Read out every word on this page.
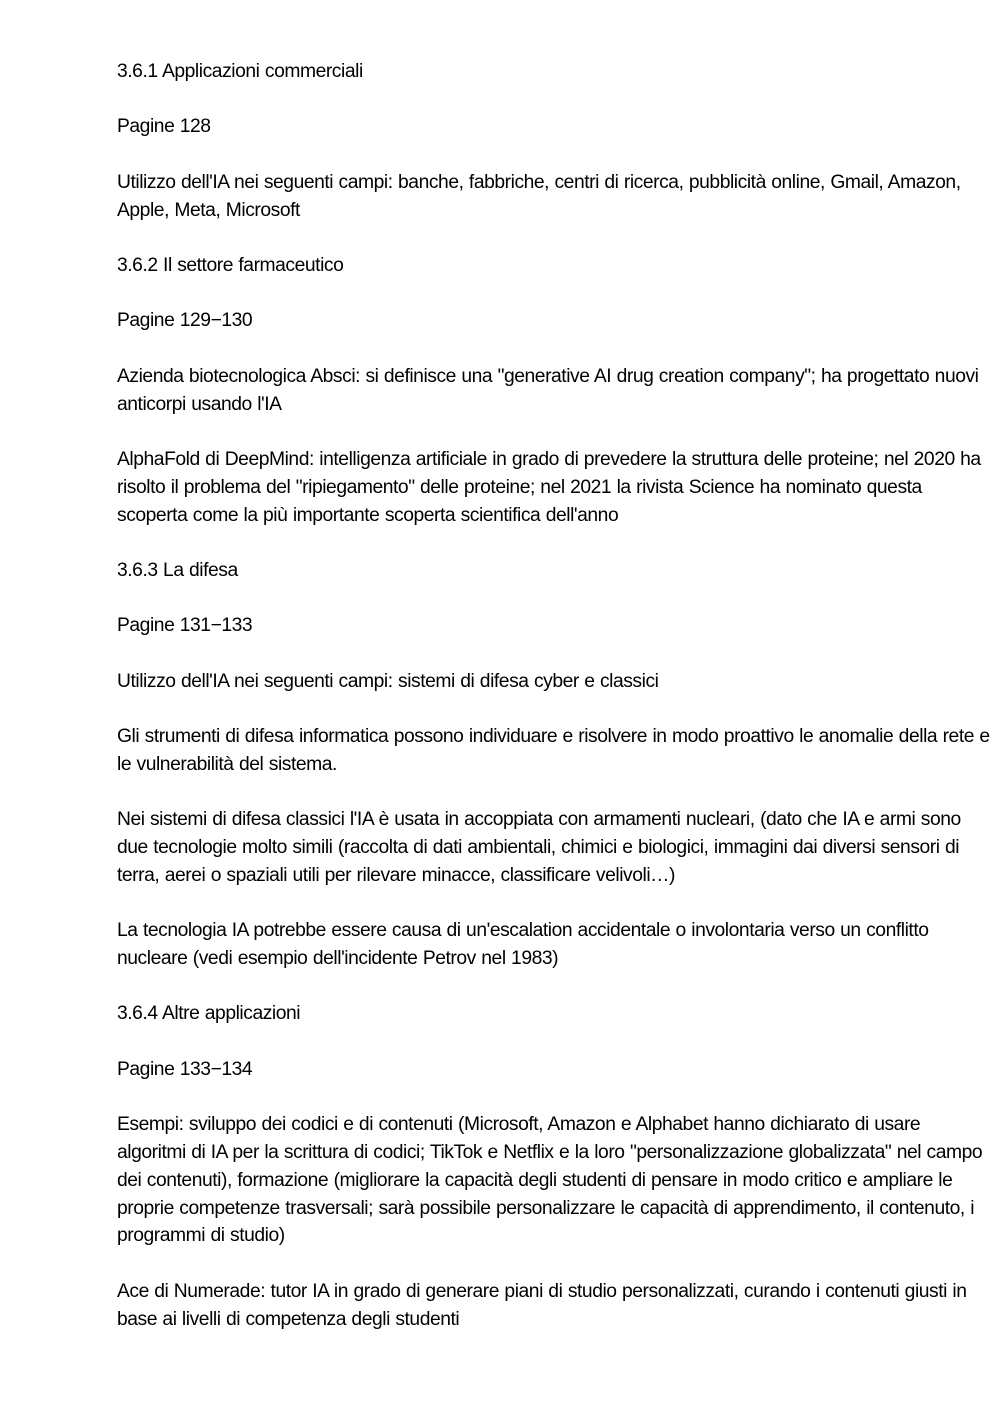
3.6.1 Applicazioni commerciali

Pagine 128

Utilizzo dell'IA nei seguenti campi: banche, fabbriche, centri di ricerca, pubblicità online, Gmail, Amazon, Apple, Meta, Microsoft

3.6.2 Il settore farmaceutico

Pagine 129−130

Azienda biotecnologica Absci: si definisce una "generative AI drug creation company"; ha progettato nuovi anticorpi usando l'IA

AlphaFold di DeepMind: intelligenza artificiale in grado di prevedere la struttura delle proteine; nel 2020 ha risolto il problema del "ripiegamento" delle proteine; nel 2021 la rivista Science ha nominato questa scoperta come la più importante scoperta scientifica dell'anno

3.6.3 La difesa

Pagine 131−133

Utilizzo dell'IA nei seguenti campi: sistemi di difesa cyber e classici

Gli strumenti di difesa informatica possono individuare e risolvere in modo proattivo le anomalie della rete e le vulnerabilità del sistema.

Nei sistemi di difesa classici l'IA è usata in accoppiata con armamenti nucleari, (dato che IA e armi sono due tecnologie molto simili (raccolta di dati ambientali, chimici e biologici, immagini dai diversi sensori di terra, aerei o spaziali utili per rilevare minacce, classificare velivoli…)

La tecnologia IA potrebbe essere causa di un'escalation accidentale o involontaria verso un conflitto nucleare (vedi esempio dell'incidente Petrov nel 1983)

3.6.4 Altre applicazioni

Pagine 133−134

Esempi: sviluppo dei codici e di contenuti (Microsoft, Amazon e Alphabet hanno dichiarato di usare algoritmi di IA per la scrittura di codici; TikTok e Netflix e la loro "personalizzazione globalizzata" nel campo dei contenuti), formazione (migliorare la capacità degli studenti di pensare in modo critico e ampliare le proprie competenze trasversali; sarà possibile personalizzare le capacità di apprendimento, il contenuto, i programmi di studio)

Ace di Numerade: tutor IA in grado di generare piani di studio personalizzati, curando i contenuti giusti in base ai livelli di competenza degli studenti
